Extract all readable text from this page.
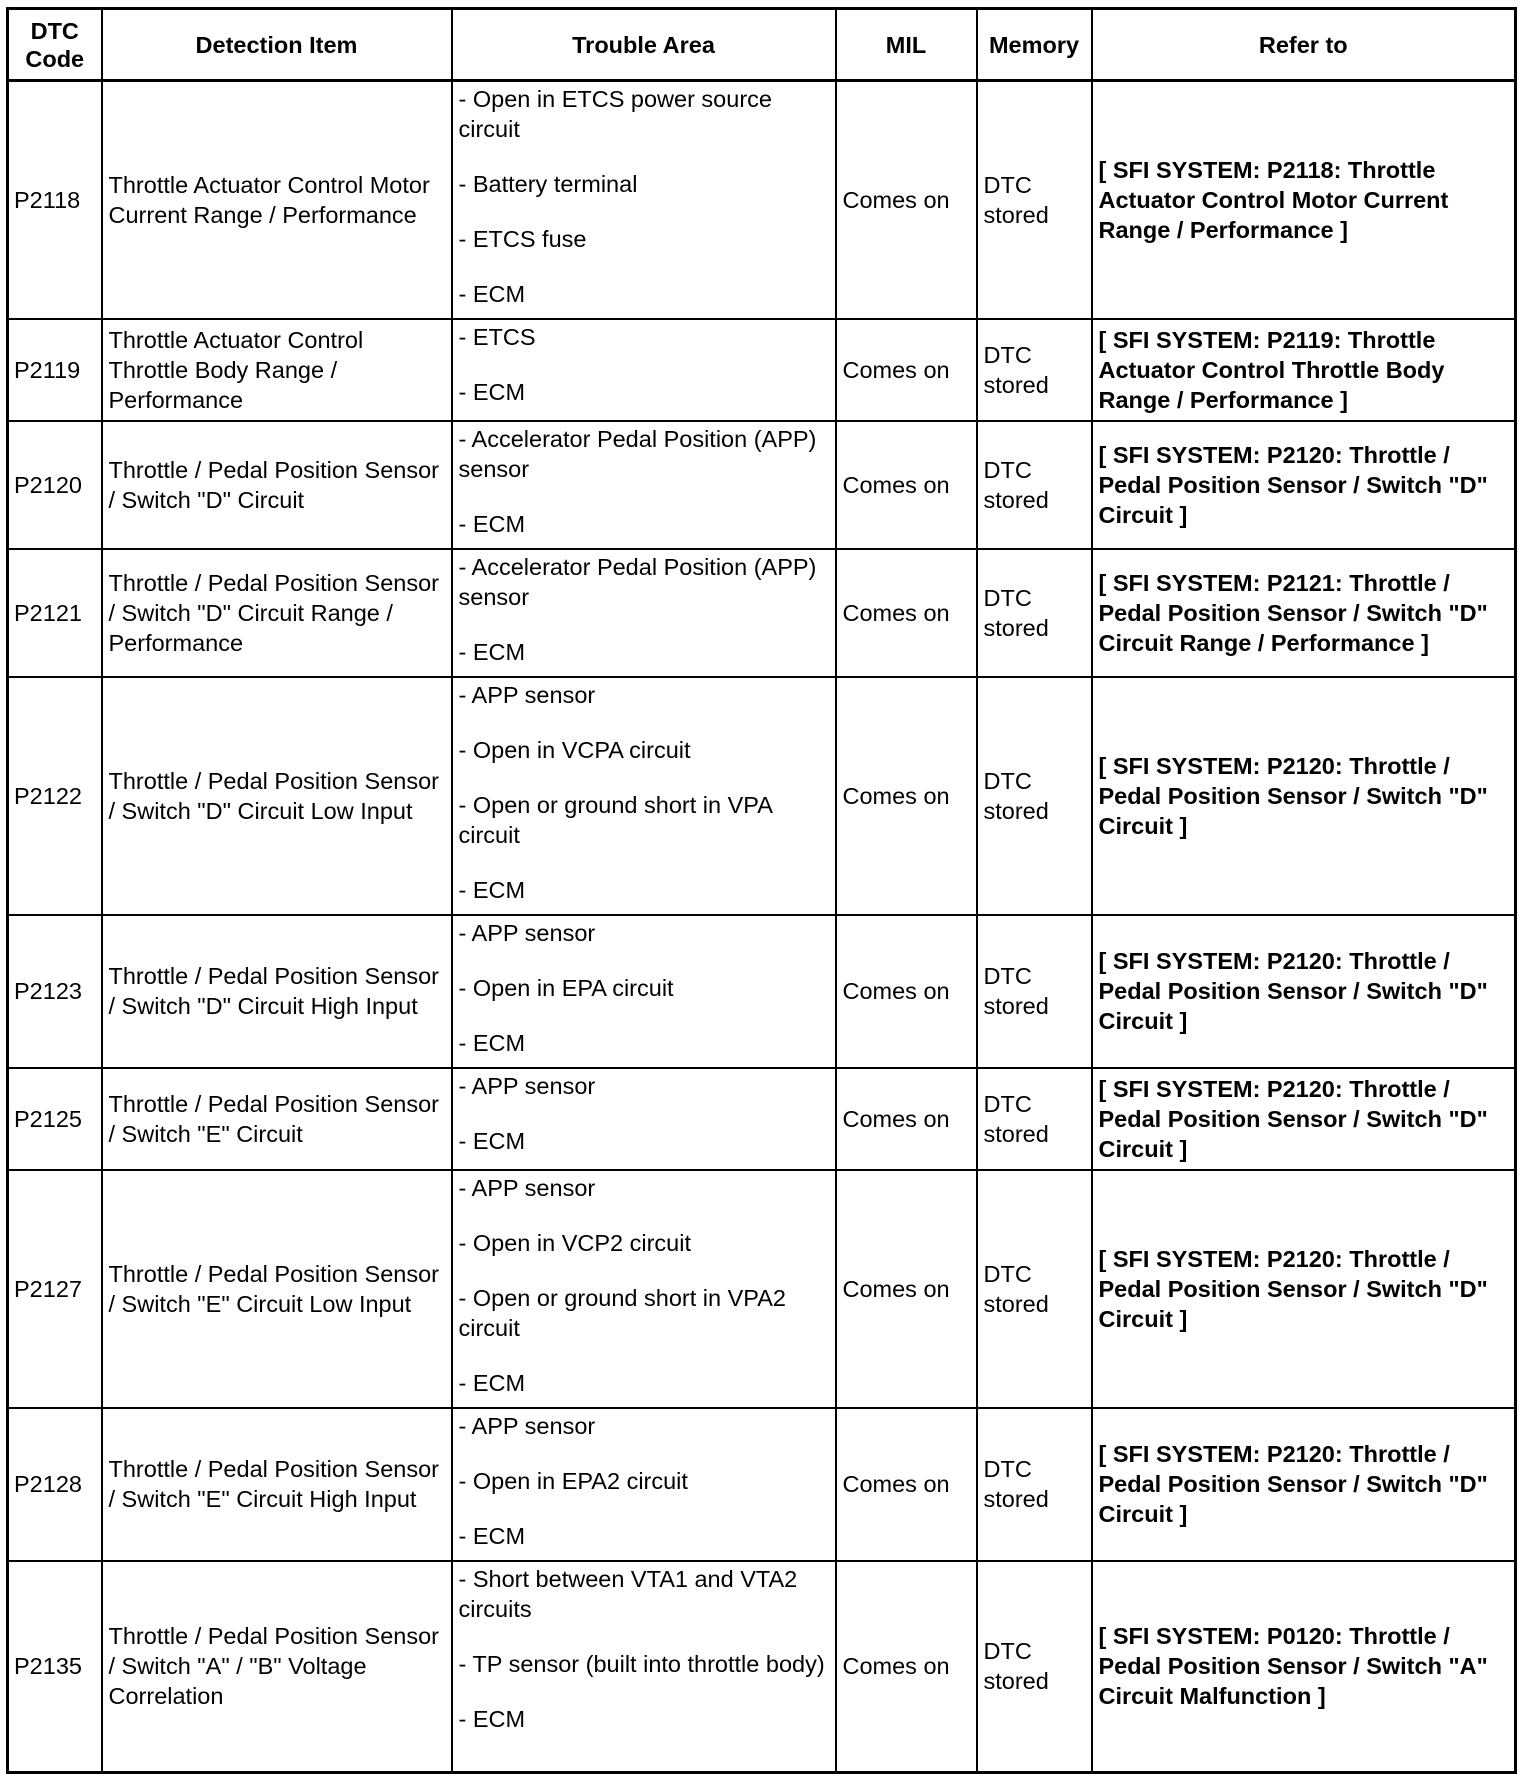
DTC
Code	Detection Item	Trouble Area	MIL	Memory	Refer to
P2118	Throttle Actuator Control Motor Current Range / Performance	- Open in ETCS power source circuit
- Battery terminal
- ETCS fuse
- ECM	Comes on	DTC stored	[ SFI SYSTEM: P2118: Throttle Actuator Control Motor Current Range / Performance ]
P2119	Throttle Actuator Control Throttle Body Range / Performance	- ETCS
- ECM	Comes on	DTC stored	[ SFI SYSTEM: P2119: Throttle Actuator Control Throttle Body Range / Performance ]
P2120	Throttle / Pedal Position Sensor / Switch "D" Circuit	- Accelerator Pedal Position (APP) sensor
- ECM	Comes on	DTC stored	[ SFI SYSTEM: P2120: Throttle / Pedal Position Sensor / Switch "D" Circuit ]
P2121	Throttle / Pedal Position Sensor / Switch "D" Circuit Range / Performance	- Accelerator Pedal Position (APP) sensor
- ECM	Comes on	DTC stored	[ SFI SYSTEM: P2121: Throttle / Pedal Position Sensor / Switch "D" Circuit Range / Performance ]
P2122	Throttle / Pedal Position Sensor / Switch "D" Circuit Low Input	- APP sensor
- Open in VCPA circuit
- Open or ground short in VPA circuit
- ECM	Comes on	DTC stored	[ SFI SYSTEM: P2120: Throttle / Pedal Position Sensor / Switch "D" Circuit ]
P2123	Throttle / Pedal Position Sensor / Switch "D" Circuit High Input	- APP sensor
- Open in EPA circuit
- ECM	Comes on	DTC stored	[ SFI SYSTEM: P2120: Throttle / Pedal Position Sensor / Switch "D" Circuit ]
P2125	Throttle / Pedal Position Sensor / Switch "E" Circuit	- APP sensor
- ECM	Comes on	DTC stored	[ SFI SYSTEM: P2120: Throttle / Pedal Position Sensor / Switch "D" Circuit ]
P2127	Throttle / Pedal Position Sensor / Switch "E" Circuit Low Input	- APP sensor
- Open in VCP2 circuit
- Open or ground short in VPA2 circuit
- ECM	Comes on	DTC stored	[ SFI SYSTEM: P2120: Throttle / Pedal Position Sensor / Switch "D" Circuit ]
P2128	Throttle / Pedal Position Sensor / Switch "E" Circuit High Input	- APP sensor
- Open in EPA2 circuit
- ECM	Comes on	DTC stored	[ SFI SYSTEM: P2120: Throttle / Pedal Position Sensor / Switch "D" Circuit ]
P2135	Throttle / Pedal Position Sensor / Switch "A" / "B" Voltage Correlation	- Short between VTA1 and VTA2 circuits
- TP sensor (built into throttle body)
- ECM	Comes on	DTC stored	[ SFI SYSTEM: P0120: Throttle / Pedal Position Sensor / Switch "A" Circuit Malfunction ]
